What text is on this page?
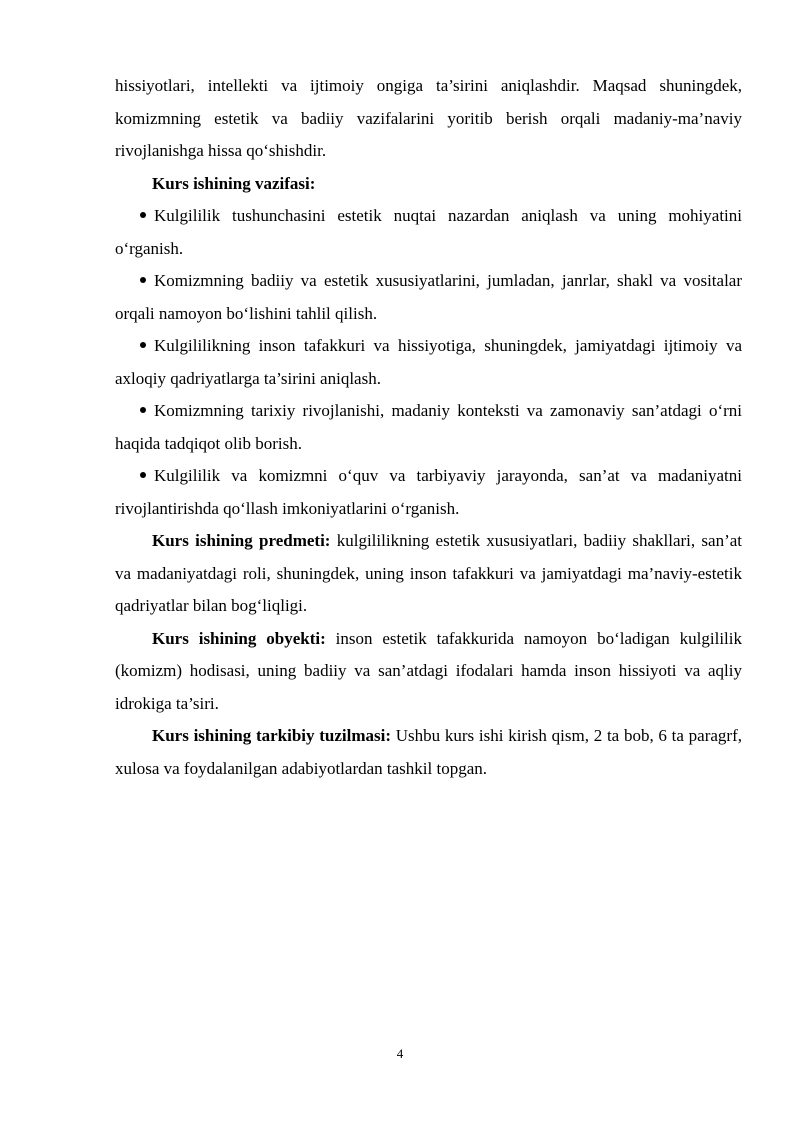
hissiyotlari, intellekti va ijtimoiy ongiga ta’sirini aniqlashdir. Maqsad shuningdek, komizmning estetik va badiiy vazifalarini yoritib berish orqali madaniy-ma’naviy rivojlanishga hissa qo‘shishdir.

Kurs ishining vazifasi:

Kulgililik tushunchasini estetik nuqtai nazardan aniqlash va uning mohiyatini o‘rganish.

Komizmning badiiy va estetik xususiyatlarini, jumladan, janrlar, shakl va vositalar orqali namoyon bo‘lishini tahlil qilish.

Kulgililikning inson tafakkuri va hissiyotiga, shuningdek, jamiyatdagi ijtimoiy va axloqiy qadriyatlarga ta’sirini aniqlash.

Komizmning tarixiy rivojlanishi, madaniy konteksti va zamonaviy san’atdagi o‘rni haqida tadqiqot olib borish.

Kulgililik va komizmni o‘quv va tarbiyaviy jarayonda, san’at va madaniyatni rivojlantirishda qo‘llash imkoniyatlarini o‘rganish.

Kurs ishining predmeti: kulgililikning estetik xususiyatlari, badiiy shakllari, san’at va madaniyatdagi roli, shuningdek, uning inson tafakkuri va jamiyatdagi ma’naviy-estetik qadriyatlar bilan bog‘liqligi.

Kurs ishining obyekti: inson estetik tafakkurida namoyon bo‘ladigan kulgililik (komizm) hodisasi, uning badiiy va san’atdagi ifodalari hamda inson hissiyoti va aqliy idrokiga ta’siri.

Kurs ishining tarkibiy tuzilmasi: Ushbu kurs ishi kirish qism, 2 ta bob, 6 ta paragrf, xulosa va foydalanilgan adabiyotlardan tashkil topgan.

4
